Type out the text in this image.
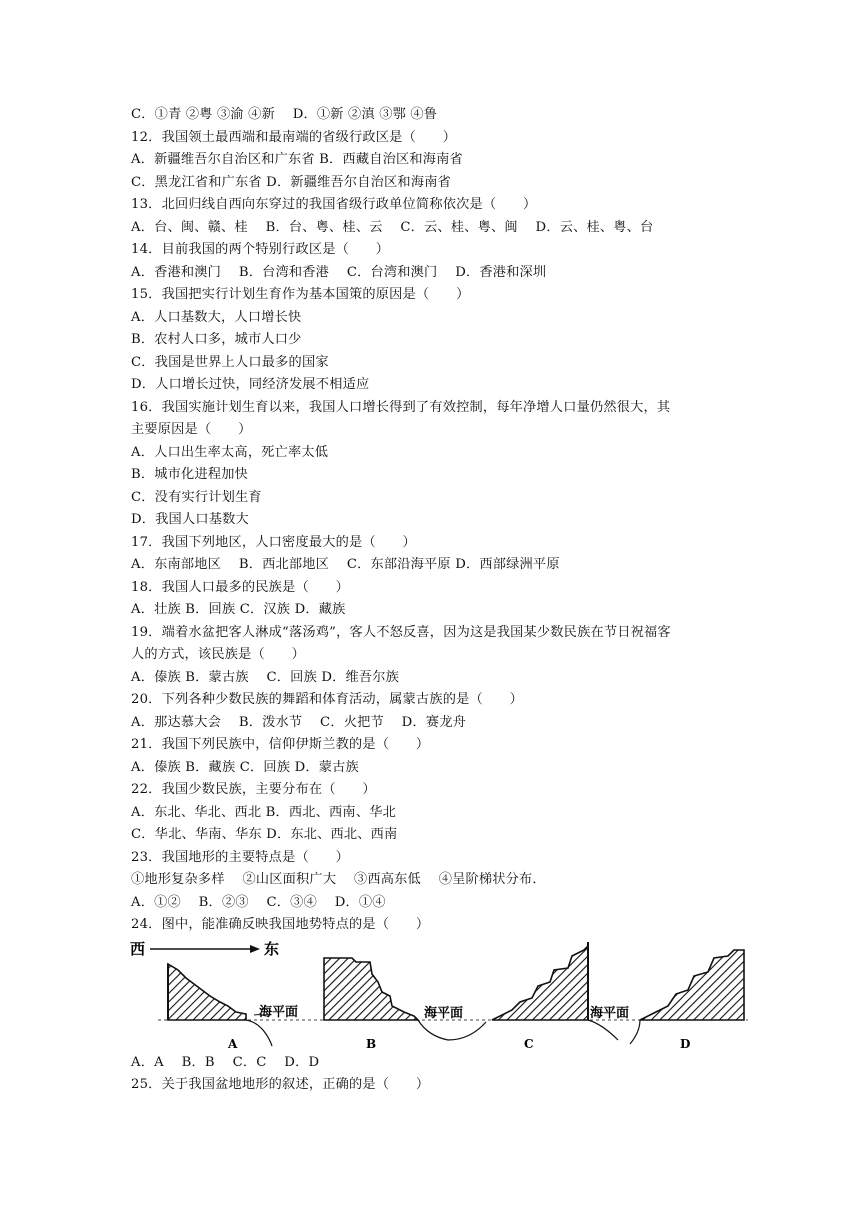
C．①青 ②粤 ③渝 ④新　 D．①新 ②滇 ③鄂 ④鲁
12．我国领土最西端和最南端的省级行政区是（　　）
A．新疆维吾尔自治区和广东省 B．西藏自治区和海南省
C．黑龙江省和广东省 D．新疆维吾尔自治区和海南省
13．北回归线自西向东穿过的我国省级行政单位简称依次是（　　）
A．台、闽、赣、桂　 B．台、粤、桂、云　 C．云、桂、粤、闽　 D．云、桂、粤、台
14．目前我国的两个特别行政区是（　　）
A．香港和澳门　 B．台湾和香港　 C．台湾和澳门　 D．香港和深圳
15．我国把实行计划生育作为基本国策的原因是（　　）
A．人口基数大，人口增长快
B．农村人口多，城市人口少
C．我国是世界上人口最多的国家
D．人口增长过快，同经济发展不相适应
16．我国实施计划生育以来，我国人口增长得到了有效控制，每年净增人口量仍然很大，其
主要原因是（　　）
A．人口出生率太高，死亡率太低
B．城市化进程加快
C．没有实行计划生育
D．我国人口基数大
17．我国下列地区，人口密度最大的是（　　）
A．东南部地区　 B．西北部地区　 C．东部沿海平原 D．西部绿洲平原
18．我国人口最多的民族是（　　）
A．壮族 B．回族 C．汉族 D．藏族
19．端着水盆把客人淋成“落汤鸡”，客人不怒反喜，因为这是我国某少数民族在节日祝福客
人的方式，该民族是（　　）
A．傣族 B．蒙古族　 C．回族 D．维吾尔族
20．下列各种少数民族的舞蹈和体育活动，属蒙古族的是（　　）
A．那达慕大会　 B．泼水节　 C．火把节　 D．赛龙舟
21．我国下列民族中，信仰伊斯兰教的是（　　）
A．傣族 B．藏族 C．回族 D．蒙古族
22．我国少数民族，主要分布在（　　）
A．东北、华北、西北 B．西北、西南、华北
C．华北、华南、华东 D．东北、西北、西南
23．我国地形的主要特点是（　　）
①地形复杂多样　 ②山区面积广大　 ③西高东低　 ④呈阶梯状分布．
A．①②　 B．②③　 C．③④　 D．①④
24．图中，能准确反映我国地势特点的是（　　）
西	东
海平面
A
海平面
B
海平面
C	D
A．A　 B．B　 C．C　 D．D
25．关于我国盆地地形的叙述，正确的是（　　）
